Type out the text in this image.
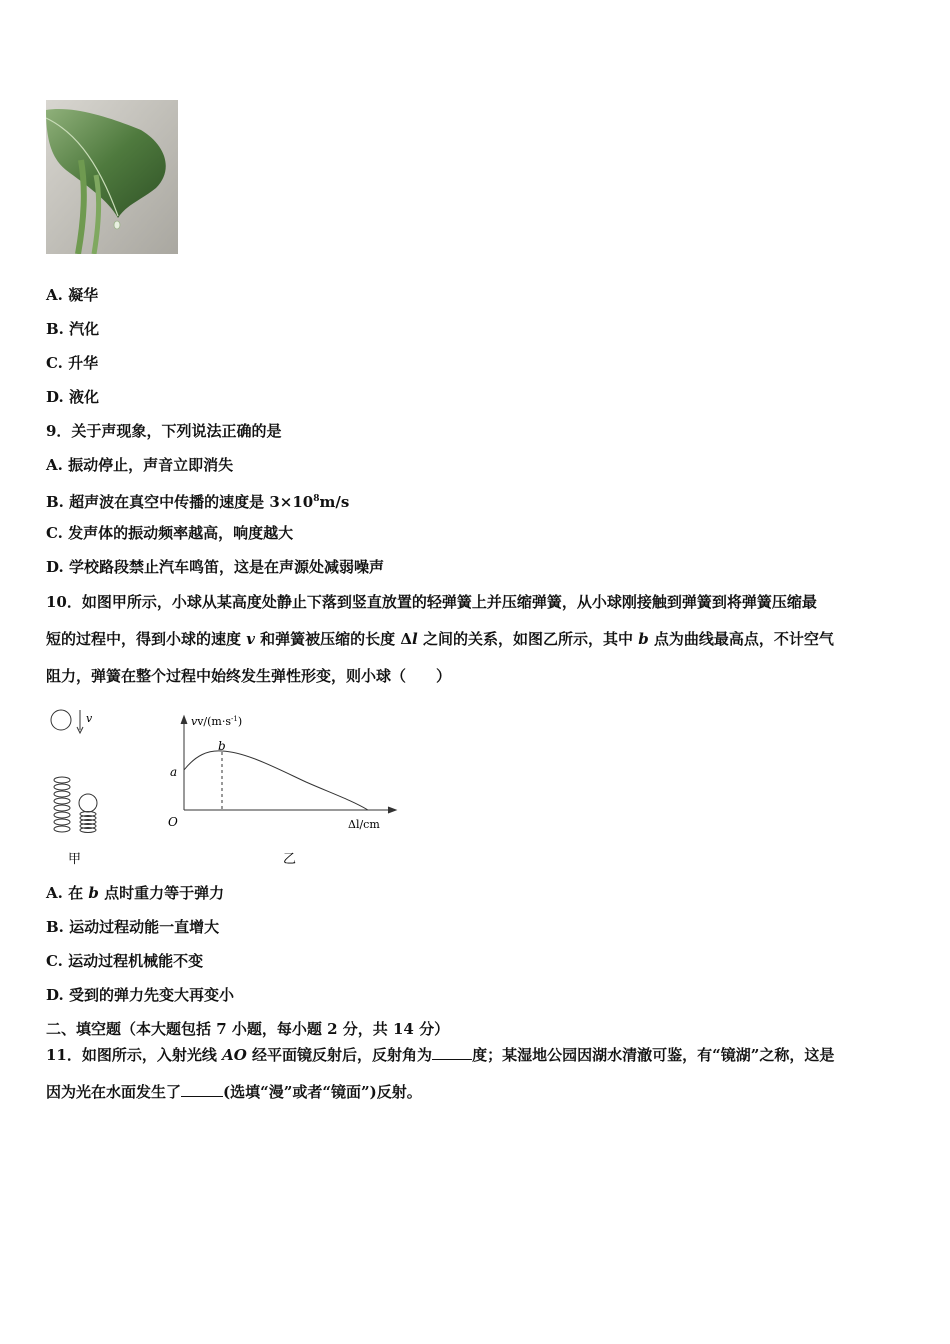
A. 凝华
B. 汽化
C. 升华
D. 液化
9．关于声现象，下列说法正确的是
A. 振动停止，声音立即消失
B. 超声波在真空中传播的速度是 $3\times 10^8m/s$
C. 发声体的振动频率越高，响度越大
D. 学校路段禁止汽车鸣笛，这是在声源处减弱噪声
10．如图甲所示，小球从某高度处静止下落到竖直放置的轻弹簧上并压缩弹簧，从小球刚接触到弹簧到将弹簧压缩最
短的过程中，得到小球的速度 v 和弹簧被压缩的长度 Δl 之间的关系，如图乙所示，其中 b 点为曲线最高点，不计空气
阻力，弹簧在整个过程中始终发生弹性形变，则小球（　　）
v
甲
$vv/(m\cdot s^{-1})$
Δl/cm
O
a
b
乙
A. 在 b 点时重力等于弹力
B. 运动过程动能一直增大
C. 运动过程机械能不变
D. 受到的弹力先变大再变小
二、填空题（本大题包括 7 小题，每小题 2 分，共 14 分）
11．如图所示，入射光线 AO 经平面镜反射后，反射角为	度；某湿地公园因湖水清澈可鉴，有“镜湖”之称，这是
因为光在水面发生了	(选填“漫”或者“镜面”)反射。
